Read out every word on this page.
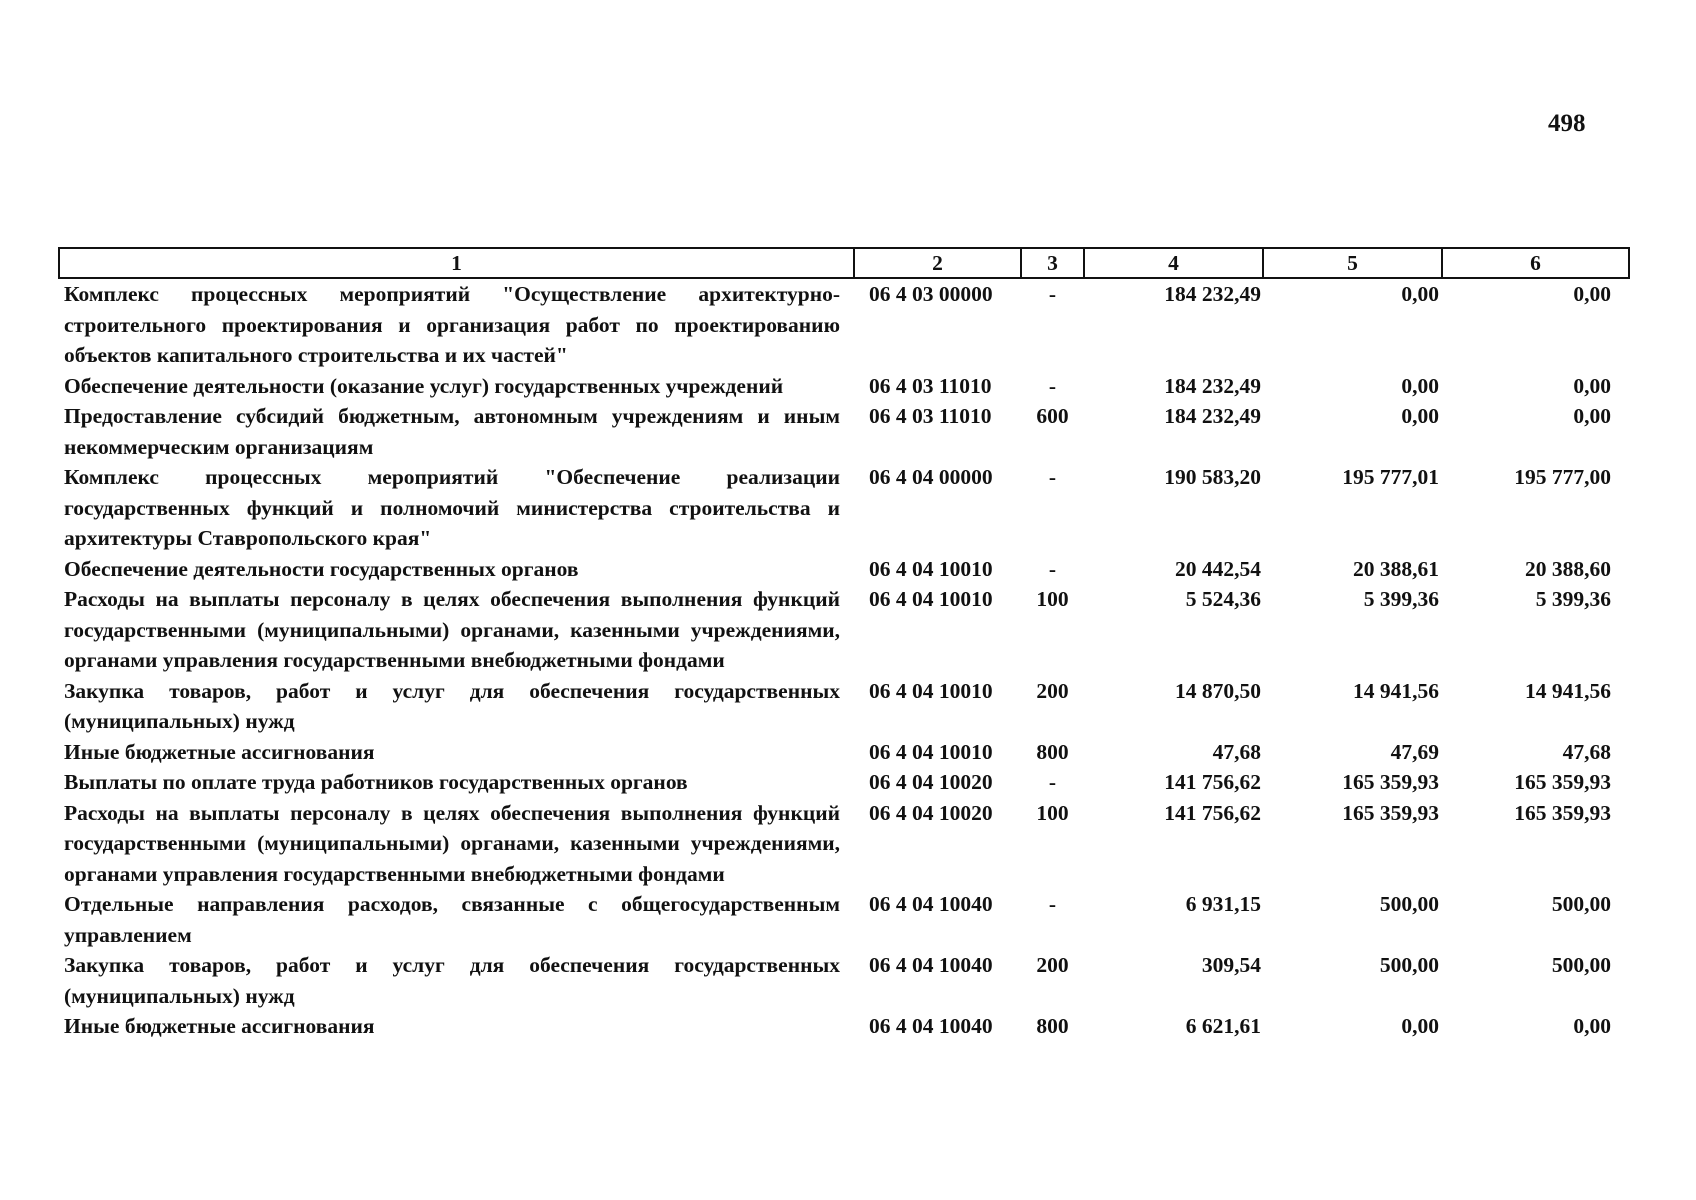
498
1	2	3	4	5	6
Комплекс процессных мероприятий "Осуществление архитектурно-строительного проектирования и организация работ по проектированию объектов капитального строительства и их частей"	06 4 03 00000	-	184 232,49	0,00	0,00
Обеспечение деятельности (оказание услуг) государственных учреждений	06 4 03 11010	-	184 232,49	0,00	0,00
Предоставление субсидий бюджетным, автономным учреждениям и иным некоммерческим организациям	06 4 03 11010	600	184 232,49	0,00	0,00
Комплекс процессных мероприятий "Обеспечение реализации государственных функций и полномочий министерства строительства и архитектуры Ставропольского края"	06 4 04 00000	-	190 583,20	195 777,01	195 777,00
Обеспечение деятельности государственных органов	06 4 04 10010	-	20 442,54	20 388,61	20 388,60
Расходы на выплаты персоналу в целях обеспечения выполнения функций государственными (муниципальными) органами, казенными учреждениями, органами управления государственными внебюджетными фондами	06 4 04 10010	100	5 524,36	5 399,36	5 399,36
Закупка товаров, работ и услуг для обеспечения государственных (муниципальных) нужд	06 4 04 10010	200	14 870,50	14 941,56	14 941,56
Иные бюджетные ассигнования	06 4 04 10010	800	47,68	47,69	47,68
Выплаты по оплате труда работников государственных органов	06 4 04 10020	-	141 756,62	165 359,93	165 359,93
Расходы на выплаты персоналу в целях обеспечения выполнения функций государственными (муниципальными) органами, казенными учреждениями, органами управления государственными внебюджетными фондами	06 4 04 10020	100	141 756,62	165 359,93	165 359,93
Отдельные направления расходов, связанные с общегосударственным управлением	06 4 04 10040	-	6 931,15	500,00	500,00
Закупка товаров, работ и услуг для обеспечения государственных (муниципальных) нужд	06 4 04 10040	200	309,54	500,00	500,00
Иные бюджетные ассигнования	06 4 04 10040	800	6 621,61	0,00	0,00
